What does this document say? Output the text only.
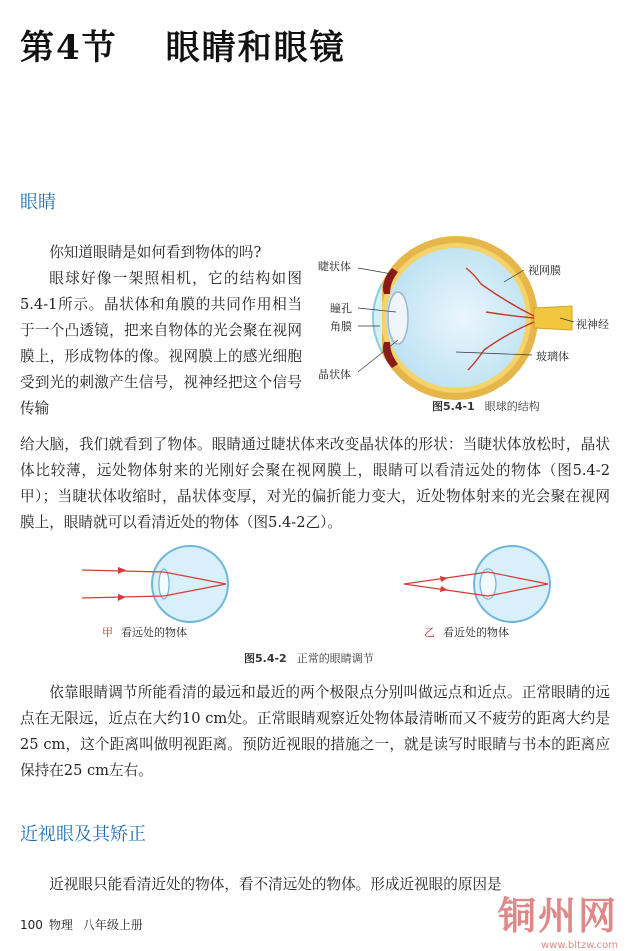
第4节 眼睛和眼镜
眼睛

你知道眼睛是如何看到物体的吗?

眼球好像一架照相机，它的结构如图5.4-1所示。晶状体和角膜的共同作用相当于一个凸透镜，把来自物体的光会聚在视网膜上，形成物体的像。视网膜上的感光细胞受到光的刺激产生信号，视神经把这个信号传输

睫状体
瞳孔
角膜
晶状体
视网膜
视神经
玻璃体
图5.4-1 眼球的结构

给大脑，我们就看到了物体。眼睛通过睫状体来改变晶状体的形状：当睫状体放松时，晶状体比较薄，远处物体射来的光刚好会聚在视网膜上，眼睛可以看清远处的物体（图5.4-2甲）；当睫状体收缩时，晶状体变厚，对光的偏折能力变大，近处物体射来的光会聚在视网膜上，眼睛就可以看清近处的物体（图5.4-2乙）。

甲 看远处的物体	乙 看近处的物体
图5.4-2 正常的眼睛调节

依靠眼睛调节所能看清的最远和最近的两个极限点分别叫做远点和近点。正常眼睛的远点在无限远，近点在大约10 cm处。正常眼睛观察近处物体最清晰而又不疲劳的距离大约是25 cm，这个距离叫做明视距离。预防近视眼的措施之一，就是读写时眼睛与书本的距离应保持在25 cm左右。

近视眼及其矫正

近视眼只能看清近处的物体，看不清远处的物体。形成近视眼的原因是

100 物理 八年级上册	铜州网
www.bltzw.com
